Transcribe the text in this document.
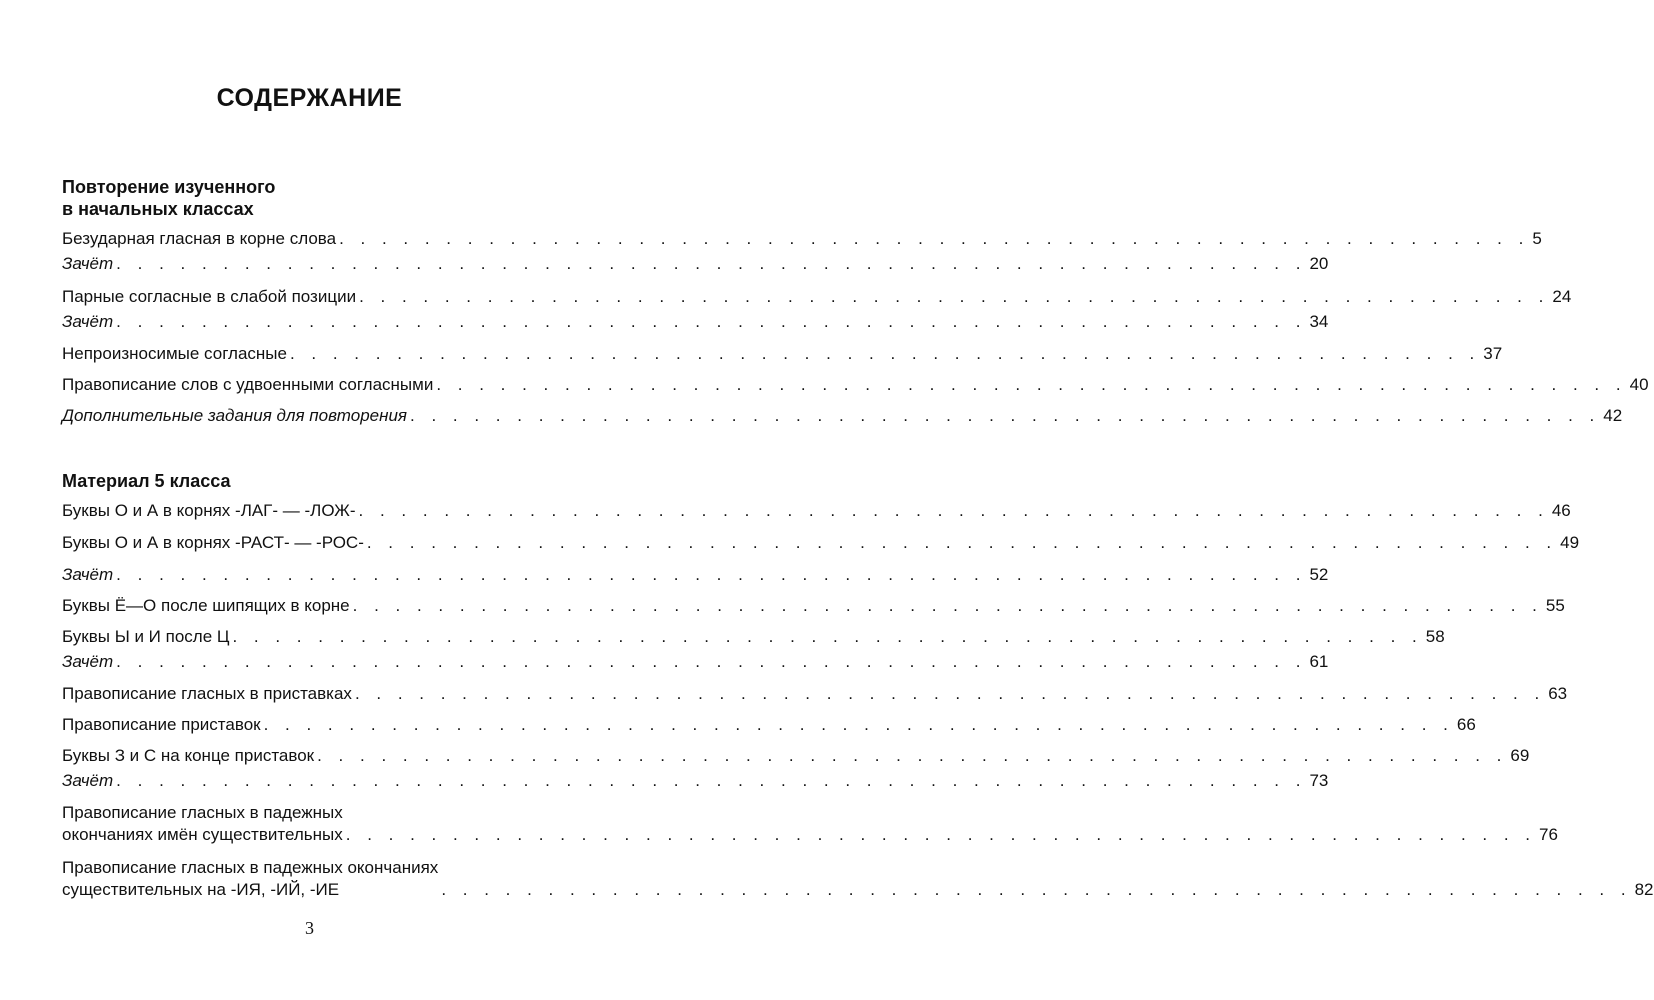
СОДЕРЖАНИЕ
Повторение изученного
в начальных классах
Безударная гласная в корне слова . . . . . . . . . . . . . . . . . . . . . . . . . . . . . . . . . . . . . . . . . . . . . . . . . . . . . . . . 5
Зачёт . . . . . . . . . . . . . . . . . . . . . . . . . . . . . . . . . . . . . . . . . . . . . . . . . . . . . . . . 20
Парные согласные в слабой позиции . . . . . . . . . . . . . . . . . . . . . . . . . . . . . . . . . . . . . . . . . . . . . . . . . . . . . . . . 24
Зачёт . . . . . . . . . . . . . . . . . . . . . . . . . . . . . . . . . . . . . . . . . . . . . . . . . . . . . . . . 34
Непроизносимые согласные . . . . . . . . . . . . . . . . . . . . . . . . . . . . . . . . . . . . . . . . . . . . . . . . . . . . . . . . 37
Правописание слов с удвоенными согласными . . . . . . . . . . . . . . . . . . . . . . . . . . . . . . . . . . . . . . . . . . . . . . . . . . . . . . . . 40
Дополнительные задания для повторения . . . . . . . . . . . . . . . . . . . . . . . . . . . . . . . . . . . . . . . . . . . . . . . . . . . . . . . . 42
Материал 5 класса
Буквы О и А в корнях -ЛАГ- — -ЛОЖ- . . . . . . . . . . . . . . . . . . . . . . . . . . . . . . . . . . . . . . . . . . . . . . . . . . . . . . . . 46
Буквы О и А в корнях -РАСТ- — -РОС- . . . . . . . . . . . . . . . . . . . . . . . . . . . . . . . . . . . . . . . . . . . . . . . . . . . . . . . . 49
Зачёт . . . . . . . . . . . . . . . . . . . . . . . . . . . . . . . . . . . . . . . . . . . . . . . . . . . . . . . . 52
Буквы Ё—О после шипящих в корне . . . . . . . . . . . . . . . . . . . . . . . . . . . . . . . . . . . . . . . . . . . . . . . . . . . . . . . . 55
Буквы Ы и И после Ц . . . . . . . . . . . . . . . . . . . . . . . . . . . . . . . . . . . . . . . . . . . . . . . . . . . . . . . . 58
Зачёт . . . . . . . . . . . . . . . . . . . . . . . . . . . . . . . . . . . . . . . . . . . . . . . . . . . . . . . . 61
Правописание гласных в приставках . . . . . . . . . . . . . . . . . . . . . . . . . . . . . . . . . . . . . . . . . . . . . . . . . . . . . . . . 63
Правописание приставок . . . . . . . . . . . . . . . . . . . . . . . . . . . . . . . . . . . . . . . . . . . . . . . . . . . . . . . . 66
Буквы З и С на конце приставок . . . . . . . . . . . . . . . . . . . . . . . . . . . . . . . . . . . . . . . . . . . . . . . . . . . . . . . . 69
Зачёт . . . . . . . . . . . . . . . . . . . . . . . . . . . . . . . . . . . . . . . . . . . . . . . . . . . . . . . . 73
Правописание гласных в падежных
окончаниях имён существительных . . . . . . . . . . . . . . . . . . . . . . . . . . . . . . . . . . . . . . . . . . . . . . . . . . . . . . . . 76
Правописание гласных в падежных окончаниях
существительных на -ИЯ, -ИЙ, -ИЕ	. . . . . . . . . . . . . . . . . . . . . . . . . . . . . . . . . . . . . . . . . . . . . . . . . . . . . . . . 82
3
